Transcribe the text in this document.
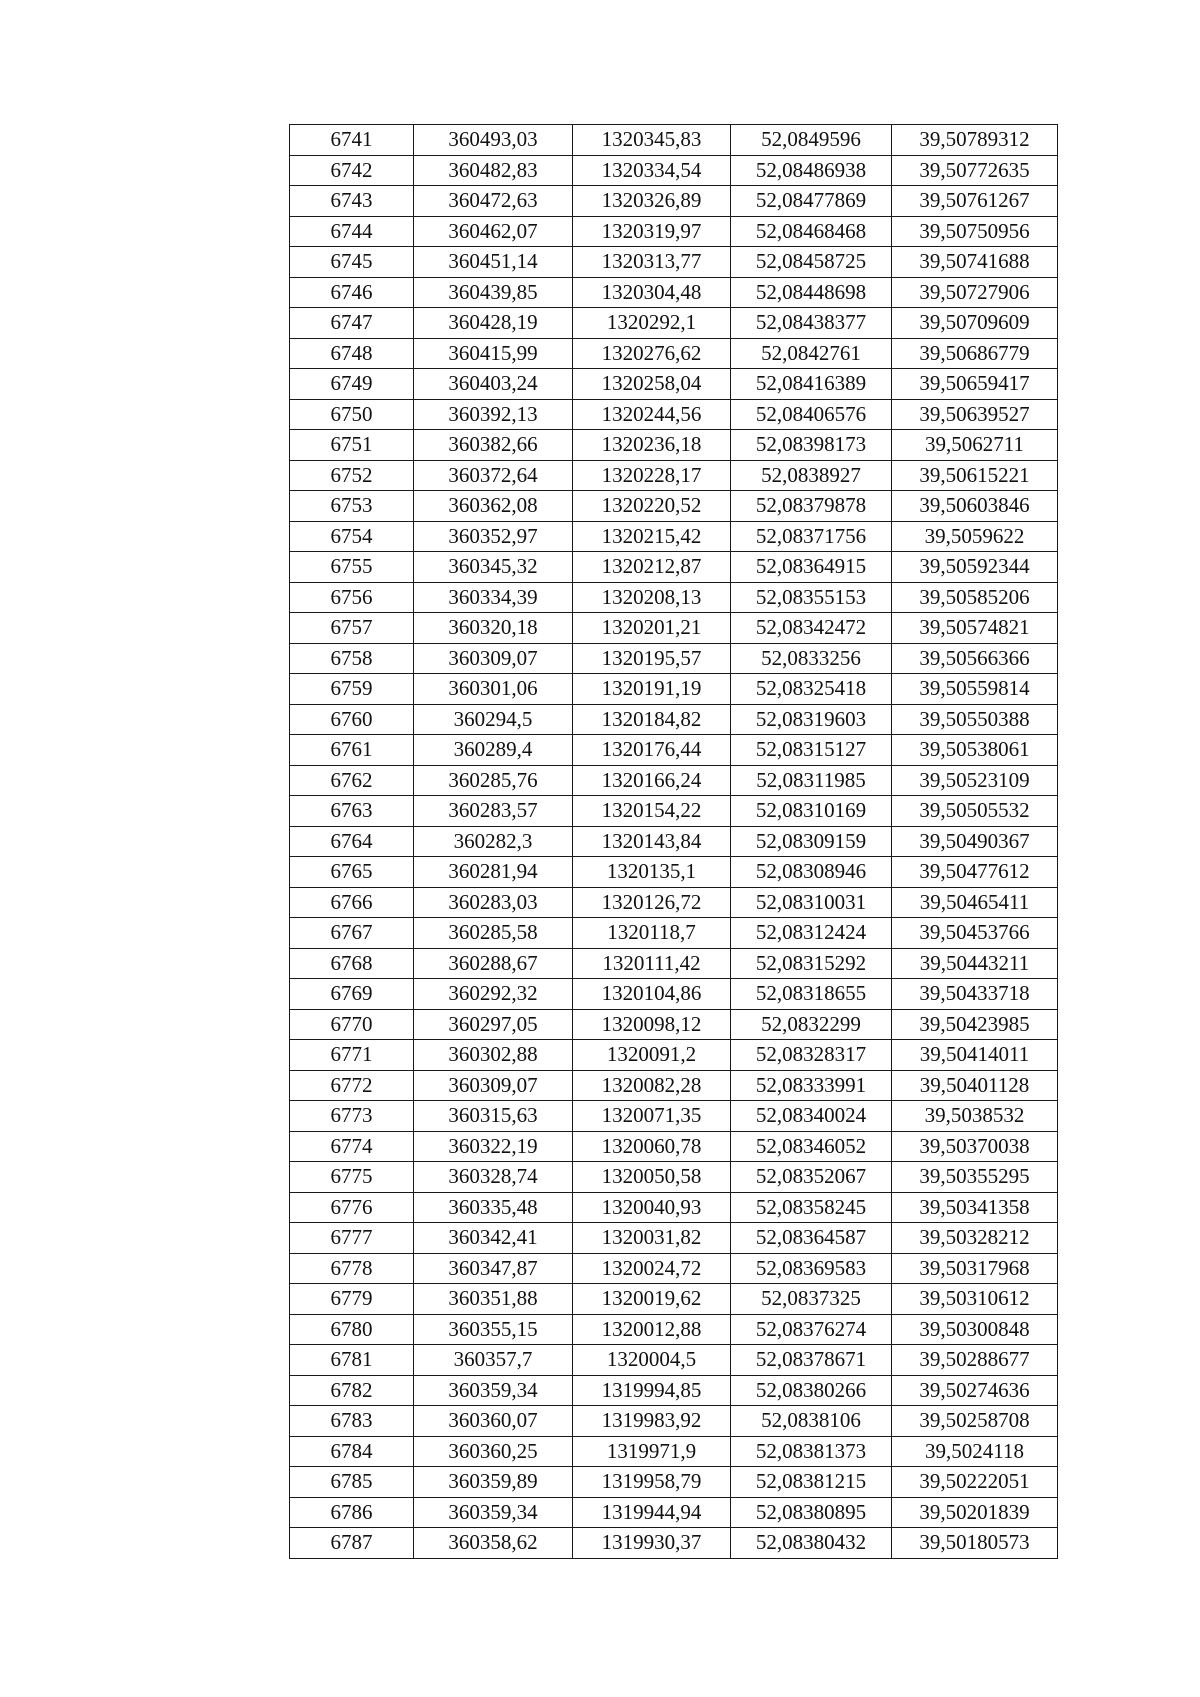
6741	360493,03	1320345,83	52,0849596	39,50789312
6742	360482,83	1320334,54	52,08486938	39,50772635
6743	360472,63	1320326,89	52,08477869	39,50761267
6744	360462,07	1320319,97	52,08468468	39,50750956
6745	360451,14	1320313,77	52,08458725	39,50741688
6746	360439,85	1320304,48	52,08448698	39,50727906
6747	360428,19	1320292,1	52,08438377	39,50709609
6748	360415,99	1320276,62	52,0842761	39,50686779
6749	360403,24	1320258,04	52,08416389	39,50659417
6750	360392,13	1320244,56	52,08406576	39,50639527
6751	360382,66	1320236,18	52,08398173	39,5062711
6752	360372,64	1320228,17	52,0838927	39,50615221
6753	360362,08	1320220,52	52,08379878	39,50603846
6754	360352,97	1320215,42	52,08371756	39,5059622
6755	360345,32	1320212,87	52,08364915	39,50592344
6756	360334,39	1320208,13	52,08355153	39,50585206
6757	360320,18	1320201,21	52,08342472	39,50574821
6758	360309,07	1320195,57	52,0833256	39,50566366
6759	360301,06	1320191,19	52,08325418	39,50559814
6760	360294,5	1320184,82	52,08319603	39,50550388
6761	360289,4	1320176,44	52,08315127	39,50538061
6762	360285,76	1320166,24	52,08311985	39,50523109
6763	360283,57	1320154,22	52,08310169	39,50505532
6764	360282,3	1320143,84	52,08309159	39,50490367
6765	360281,94	1320135,1	52,08308946	39,50477612
6766	360283,03	1320126,72	52,08310031	39,50465411
6767	360285,58	1320118,7	52,08312424	39,50453766
6768	360288,67	1320111,42	52,08315292	39,50443211
6769	360292,32	1320104,86	52,08318655	39,50433718
6770	360297,05	1320098,12	52,0832299	39,50423985
6771	360302,88	1320091,2	52,08328317	39,50414011
6772	360309,07	1320082,28	52,08333991	39,50401128
6773	360315,63	1320071,35	52,08340024	39,5038532
6774	360322,19	1320060,78	52,08346052	39,50370038
6775	360328,74	1320050,58	52,08352067	39,50355295
6776	360335,48	1320040,93	52,08358245	39,50341358
6777	360342,41	1320031,82	52,08364587	39,50328212
6778	360347,87	1320024,72	52,08369583	39,50317968
6779	360351,88	1320019,62	52,0837325	39,50310612
6780	360355,15	1320012,88	52,08376274	39,50300848
6781	360357,7	1320004,5	52,08378671	39,50288677
6782	360359,34	1319994,85	52,08380266	39,50274636
6783	360360,07	1319983,92	52,0838106	39,50258708
6784	360360,25	1319971,9	52,08381373	39,5024118
6785	360359,89	1319958,79	52,08381215	39,50222051
6786	360359,34	1319944,94	52,08380895	39,50201839
6787	360358,62	1319930,37	52,08380432	39,50180573
